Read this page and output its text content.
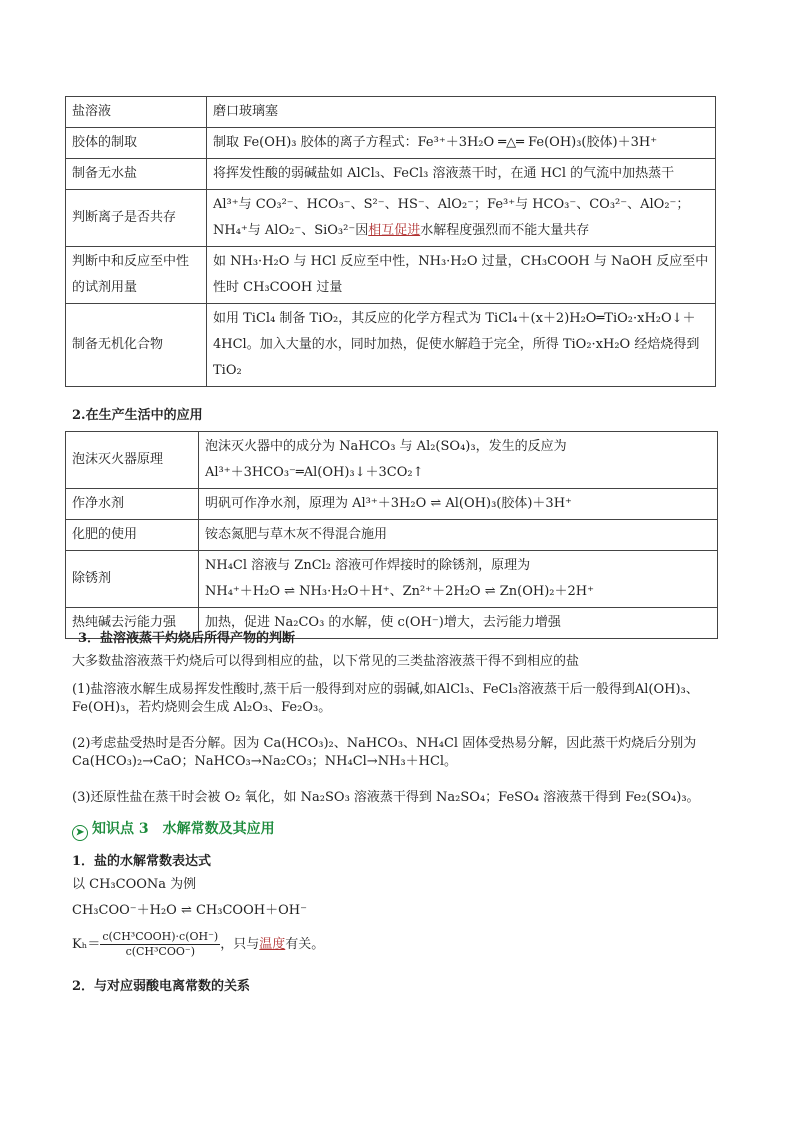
盐溶液	磨口玻璃塞
胶体的制取	制取 Fe(OH)₃ 胶体的离子方程式：Fe³⁺＋3H₂O ═△═ Fe(OH)₃(胶体)＋3H⁺
制备无水盐	将挥发性酸的弱碱盐如 AlCl₃、FeCl₃ 溶液蒸干时，在通 HCl 的气流中加热蒸干
判断离子是否共存	Al³⁺与 CO₃²⁻、HCO₃⁻、S²⁻、HS⁻、AlO₂⁻；Fe³⁺与 HCO₃⁻、CO₃²⁻、AlO₂⁻；NH₄⁺与 AlO₂⁻、SiO₃²⁻因相互促进水解程度强烈而不能大量共存
判断中和反应至中性的试剂用量	如 NH₃·H₂O 与 HCl 反应至中性，NH₃·H₂O 过量，CH₃COOH 与 NaOH 反应至中性时 CH₃COOH 过量
制备无机化合物	如用 TiCl₄ 制备 TiO₂，其反应的化学方程式为 TiCl₄＋(x＋2)H₂O═TiO₂·xH₂O↓＋4HCl。加入大量的水，同时加热，促使水解趋于完全，所得 TiO₂·xH₂O 经焙烧得到 TiO₂
2.在生产生活中的应用
泡沫灭火器原理	泡沫灭火器中的成分为 NaHCO₃ 与 Al₂(SO₄)₃，发生的反应为
Al³⁺＋3HCO₃⁻═Al(OH)₃↓＋3CO₂↑

作净水剂	明矾可作净水剂，原理为 Al³⁺＋3H₂O ⇌ Al(OH)₃(胶体)＋3H⁺
化肥的使用	铵态氮肥与草木灰不得混合施用
除锈剂	NH₄Cl 溶液与 ZnCl₂ 溶液可作焊接时的除锈剂，原理为
NH₄⁺＋H₂O ⇌ NH₃·H₂O＋H⁺、Zn²⁺＋2H₂O ⇌ Zn(OH)₂＋2H⁺

热纯碱去污能力强	加热，促进 Na₂CO₃ 的水解，使 c(OH⁻)增大，去污能力增强
3．盐溶液蒸干灼烧后所得产物的判断
大多数盐溶液蒸干灼烧后可以得到相应的盐，以下常见的三类盐溶液蒸干得不到相应的盐
(1)盐溶液水解生成易挥发性酸时,蒸干后一般得到对应的弱碱,如AlCl₃、FeCl₃溶液蒸干后一般得到Al(OH)₃、Fe(OH)₃，若灼烧则会生成 Al₂O₃、Fe₂O₃。
(2)考虑盐受热时是否分解。因为 Ca(HCO₃)₂、NaHCO₃、NH₄Cl 固体受热易分解，因此蒸干灼烧后分别为 Ca(HCO₃)₂→CaO；NaHCO₃→Na₂CO₃；NH₄Cl→NH₃＋HCl。
(3)还原性盐在蒸干时会被 O₂ 氧化，如 Na₂SO₃ 溶液蒸干得到 Na₂SO₄；FeSO₄ 溶液蒸干得到 Fe₂(SO₄)₃。
➤ 知识点 3　水解常数及其应用
1．盐的水解常数表达式
以 CH₃COONa 为例
CH₃COO⁻＋H₂O ⇌ CH₃COOH＋OH⁻
$K_h= \frac{\text{c(CH³COOH)·c(OH⁻)}}{\text{c(CH³COO⁻)}}$ ，只与温度有关。
2．与对应弱酸电离常数的关系
